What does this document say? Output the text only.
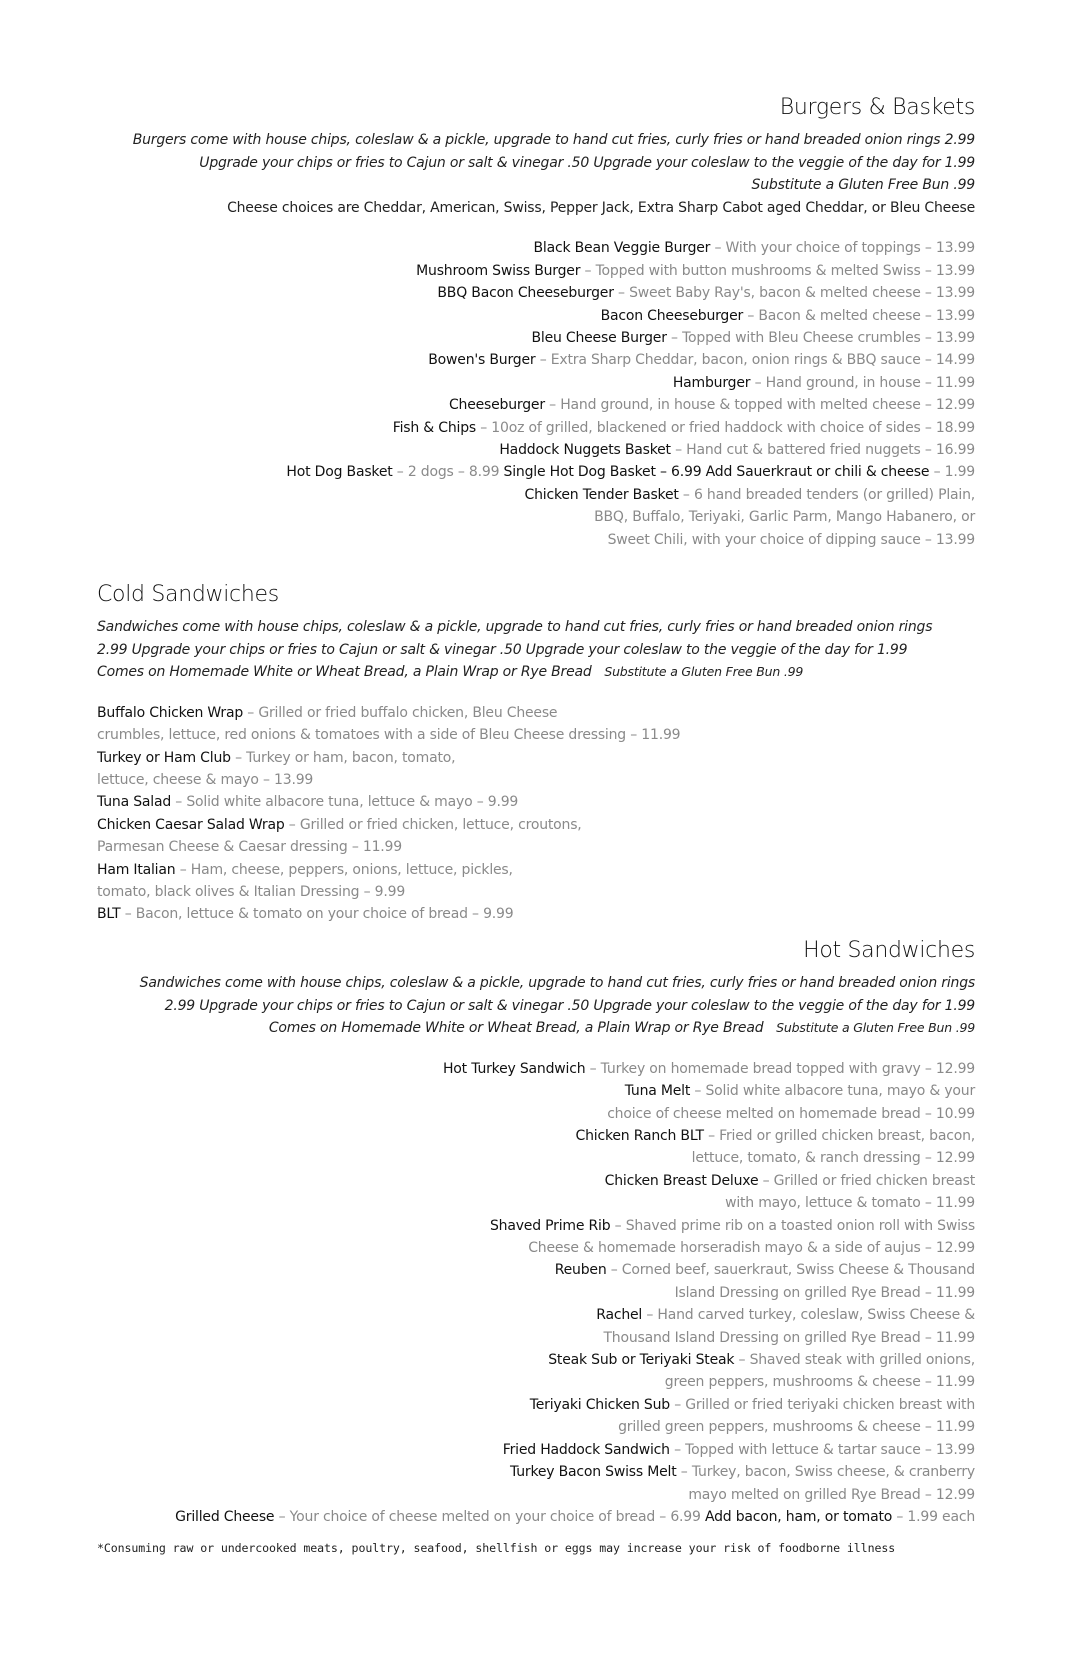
Burgers & Baskets

Burgers come with house chips, coleslaw & a pickle, upgrade to hand cut fries, curly fries or hand breaded onion rings 2.99

Upgrade your chips or fries to Cajun or salt & vinegar .50 Upgrade your coleslaw to the veggie of the day for 1.99

Substitute a Gluten Free Bun .99

Cheese choices are Cheddar, American, Swiss, Pepper Jack, Extra Sharp Cabot aged Cheddar, or Bleu Cheese

Black Bean Veggie Burger – With your choice of toppings – 13.99
Mushroom Swiss Burger – Topped with button mushrooms & melted Swiss – 13.99
BBQ Bacon Cheeseburger – Sweet Baby Ray's, bacon & melted cheese – 13.99
Bacon Cheeseburger – Bacon & melted cheese – 13.99
Bleu Cheese Burger – Topped with Bleu Cheese crumbles – 13.99
Bowen's Burger – Extra Sharp Cheddar, bacon, onion rings & BBQ sauce – 14.99
Hamburger – Hand ground, in house – 11.99
Cheeseburger – Hand ground, in house & topped with melted cheese – 12.99
Fish & Chips – 10oz of grilled, blackened or fried haddock with choice of sides – 18.99
Haddock Nuggets Basket – Hand cut & battered fried nuggets – 16.99
Hot Dog Basket – 2 dogs – 8.99 Single Hot Dog Basket – 6.99 Add Sauerkraut or chili & cheese – 1.99
Chicken Tender Basket – 6 hand breaded tenders (or grilled) Plain,
BBQ, Buffalo, Teriyaki, Garlic Parm, Mango Habanero, or
Sweet Chili, with your choice of dipping sauce – 13.99
Cold Sandwiches

Sandwiches come with house chips, coleslaw & a pickle, upgrade to hand cut fries, curly fries or hand breaded onion rings

2.99 Upgrade your chips or fries to Cajun or salt & vinegar .50 Upgrade your coleslaw to the veggie of the day for 1.99

Comes on Homemade White or Wheat Bread, a Plain Wrap or Rye Bread Substitute a Gluten Free Bun .99

Buffalo Chicken Wrap – Grilled or fried buffalo chicken, Bleu Cheese
crumbles, lettuce, red onions & tomatoes with a side of Bleu Cheese dressing – 11.99
Turkey or Ham Club – Turkey or ham, bacon, tomato,
lettuce, cheese & mayo – 13.99
Tuna Salad – Solid white albacore tuna, lettuce & mayo – 9.99
Chicken Caesar Salad Wrap – Grilled or fried chicken, lettuce, croutons,
Parmesan Cheese & Caesar dressing – 11.99
Ham Italian – Ham, cheese, peppers, onions, lettuce, pickles,
tomato, black olives & Italian Dressing – 9.99
BLT – Bacon, lettuce & tomato on your choice of bread – 9.99
Hot Sandwiches

Sandwiches come with house chips, coleslaw & a pickle, upgrade to hand cut fries, curly fries or hand breaded onion rings

2.99 Upgrade your chips or fries to Cajun or salt & vinegar .50 Upgrade your coleslaw to the veggie of the day for 1.99

Comes on Homemade White or Wheat Bread, a Plain Wrap or Rye Bread Substitute a Gluten Free Bun .99

Hot Turkey Sandwich – Turkey on homemade bread topped with gravy – 12.99
Tuna Melt – Solid white albacore tuna, mayo & your
choice of cheese melted on homemade bread – 10.99
Chicken Ranch BLT – Fried or grilled chicken breast, bacon,
lettuce, tomato, & ranch dressing – 12.99
Chicken Breast Deluxe – Grilled or fried chicken breast
with mayo, lettuce & tomato – 11.99
Shaved Prime Rib – Shaved prime rib on a toasted onion roll with Swiss
Cheese & homemade horseradish mayo & a side of aujus – 12.99
Reuben – Corned beef, sauerkraut, Swiss Cheese & Thousand
Island Dressing on grilled Rye Bread – 11.99
Rachel – Hand carved turkey, coleslaw, Swiss Cheese &
Thousand Island Dressing on grilled Rye Bread – 11.99
Steak Sub or Teriyaki Steak – Shaved steak with grilled onions,
green peppers, mushrooms & cheese – 11.99
Teriyaki Chicken Sub – Grilled or fried teriyaki chicken breast with
grilled green peppers, mushrooms & cheese – 11.99
Fried Haddock Sandwich – Topped with lettuce & tartar sauce – 13.99
Turkey Bacon Swiss Melt – Turkey, bacon, Swiss cheese, & cranberry
mayo melted on grilled Rye Bread – 12.99
Grilled Cheese – Your choice of cheese melted on your choice of bread – 6.99 Add bacon, ham, or tomato – 1.99 each
*Consuming raw or undercooked meats, poultry, seafood, shellfish or eggs may increase your risk of foodborne illness
